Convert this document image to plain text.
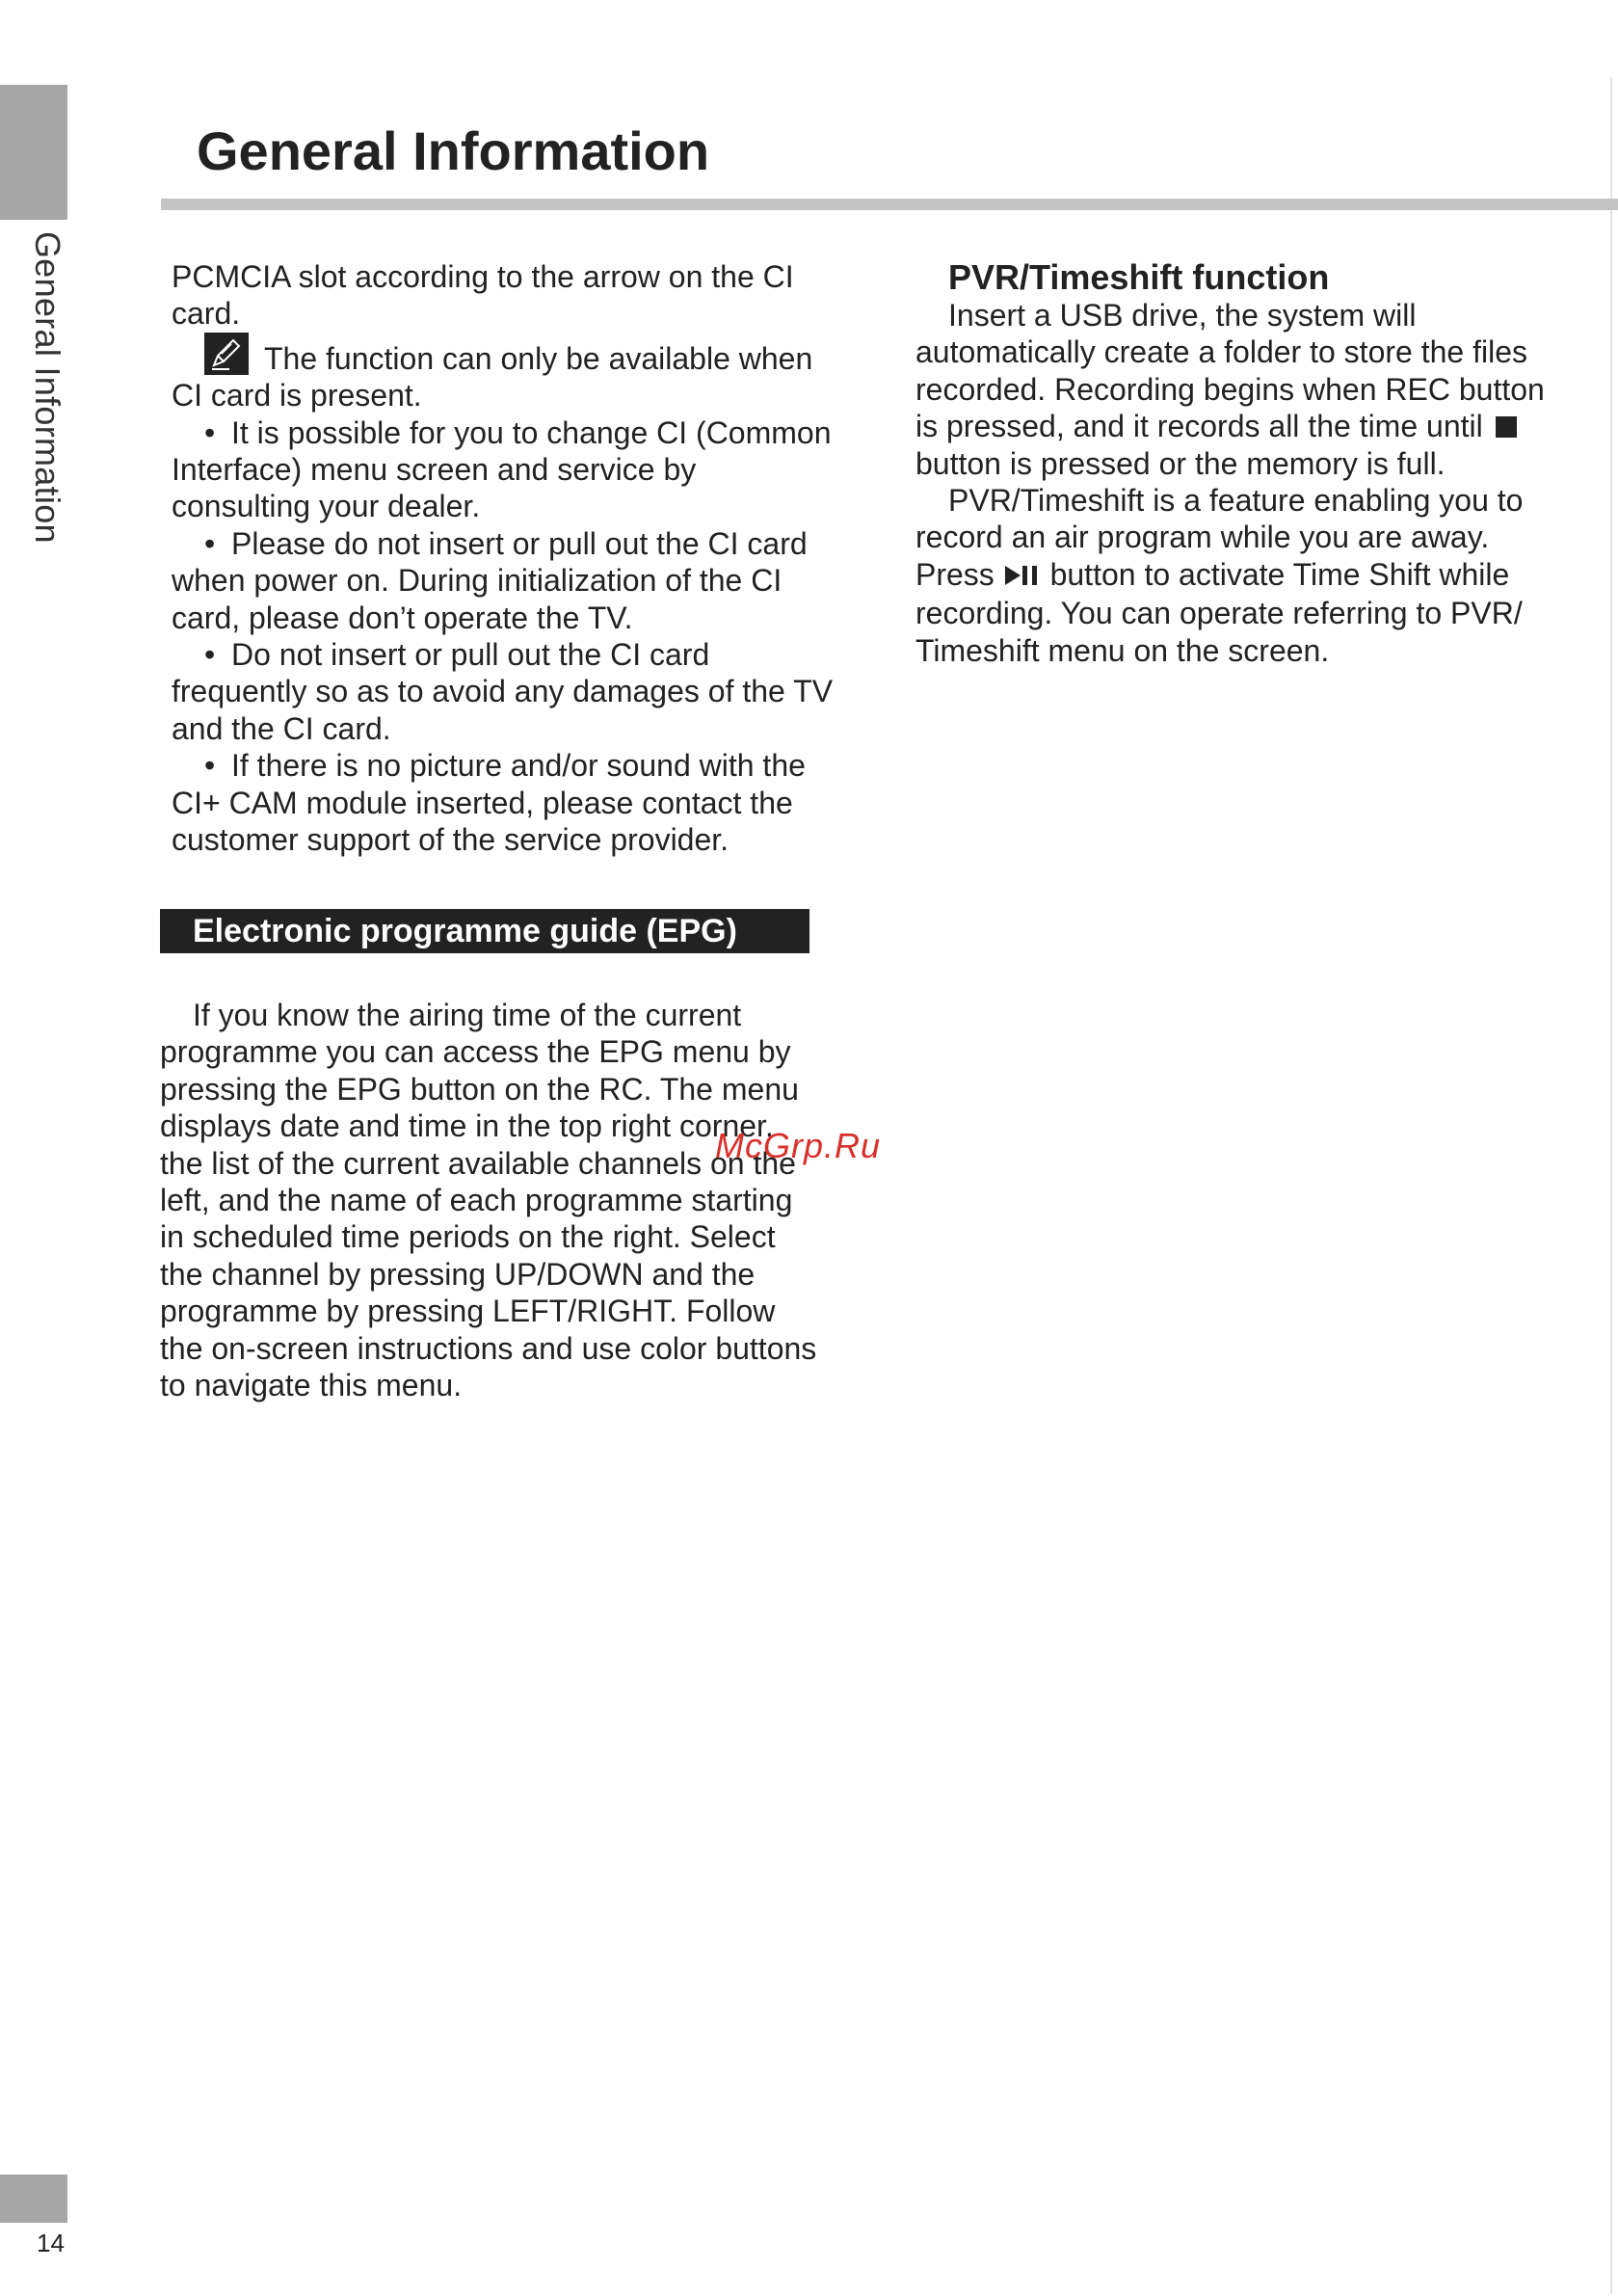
General Information
14
General Information

PCMCIA slot according to the arrow on the CI card.

The function can only be available when CI card is present.

• It is possible for you to change CI (Common Interface) menu screen and service by consulting your dealer.

• Please do not insert or pull out the CI card when power on. During initialization of the CI card, please don’t operate the TV.

• Do not insert or pull out the CI card frequently so as to avoid any damages of the TV and the CI card.

• If there is no picture and/or sound with the CI+ CAM module inserted, please contact the customer support of the service provider.

Electronic programme guide (EPG)

If you know the airing time of the current programme you can access the EPG menu by pressing the EPG button on the RC. The menu displays date and time in the top right corner, the list of the current available channels on the left, and the name of each programme starting in scheduled time periods on the right. Select the channel by pressing UP/DOWN and the programme by pressing LEFT/RIGHT. Follow the on-screen instructions and use color buttons to navigate this menu.

McGrp.Ru
PVR/Timeshift function

Insert a USB drive, the system will automatically create a folder to store the files recorded. Recording begins when REC button is pressed, and it records all the time until
button is pressed or the memory is full.

PVR/Timeshift is a feature enabling you to record an air program while you are away.

Press button to activate Time Shift while recording. You can operate referring to PVR/ Timeshift menu on the screen.
